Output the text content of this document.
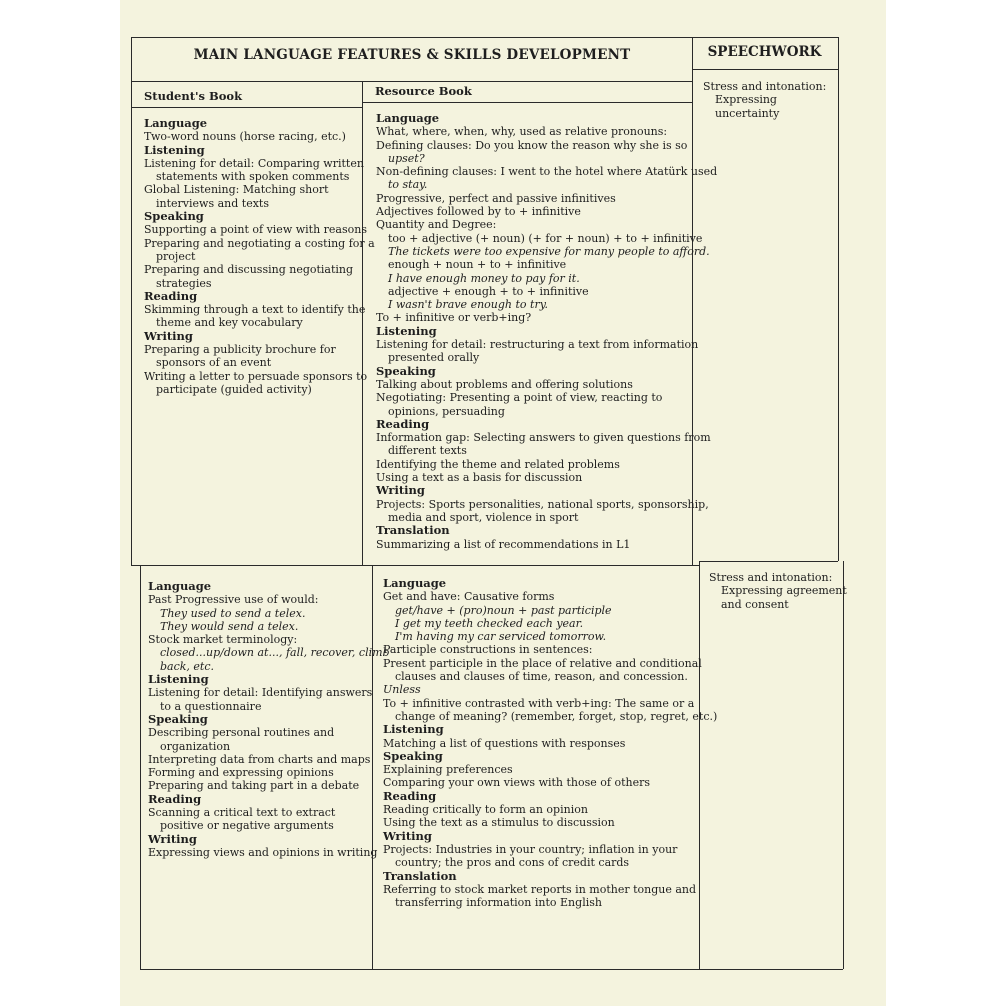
MAIN LANGUAGE FEATURES & SKILLS DEVELOPMENT	SPEECHWORK
Student's Book	Resource Book
Language
Two-word nouns (horse racing, etc.)
Listening
Listening for detail: Comparing written
statements with spoken comments
Global Listening: Matching short
interviews and texts
Speaking
Supporting a point of view with reasons
Preparing and negotiating a costing for a
project
Preparing and discussing negotiating
strategies
Reading
Skimming through a text to identify the
theme and key vocabulary
Writing
Preparing a publicity brochure for
sponsors of an event
Writing a letter to persuade sponsors to
participate (guided activity)
Language
What, where, when, why, used as relative pronouns:
Defining clauses: Do you know the reason why she is so
upset?
Non-defining clauses: I went to the hotel where Atatürk used
to stay.
Progressive, perfect and passive infinitives
Adjectives followed by to + infinitive
Quantity and Degree:
too + adjective (+ noun) (+ for + noun) + to + infinitive
The tickets were too expensive for many people to afford.
enough + noun + to + infinitive
I have enough money to pay for it.
adjective + enough + to + infinitive
I wasn't brave enough to try.
To + infinitive or verb+ing?
Listening
Listening for detail: restructuring a text from information
presented orally
Speaking
Talking about problems and offering solutions
Negotiating: Presenting a point of view, reacting to
opinions, persuading
Reading
Information gap: Selecting answers to given questions from
different texts
Identifying the theme and related problems
Using a text as a basis for discussion
Writing
Projects: Sports personalities, national sports, sponsorship,
media and sport, violence in sport
Translation
Summarizing a list of recommendations in L1
Stress and intonation:
Expressing
uncertainty
Language
Past Progressive use of would:
They used to send a telex.
They would send a telex.
Stock market terminology:
closed...up/down at..., fall, recover, climb
back, etc.
Listening
Listening for detail: Identifying answers
to a questionnaire
Speaking
Describing personal routines and
organization
Interpreting data from charts and maps
Forming and expressing opinions
Preparing and taking part in a debate
Reading
Scanning a critical text to extract
positive or negative arguments
Writing
Expressing views and opinions in writing
Language
Get and have: Causative forms
get/have + (pro)noun + past participle
I get my teeth checked each year.
I'm having my car serviced tomorrow.
Participle constructions in sentences:
Present participle in the place of relative and conditional
clauses and clauses of time, reason, and concession.
Unless
To + infinitive contrasted with verb+ing: The same or a
change of meaning? (remember, forget, stop, regret, etc.)
Listening
Matching a list of questions with responses
Speaking
Explaining preferences
Comparing your own views with those of others
Reading
Reading critically to form an opinion
Using the text as a stimulus to discussion
Writing
Projects: Industries in your country; inflation in your
country; the pros and cons of credit cards
Translation
Referring to stock market reports in mother tongue and
transferring information into English
Stress and intonation:
Expressing agreement
and consent
